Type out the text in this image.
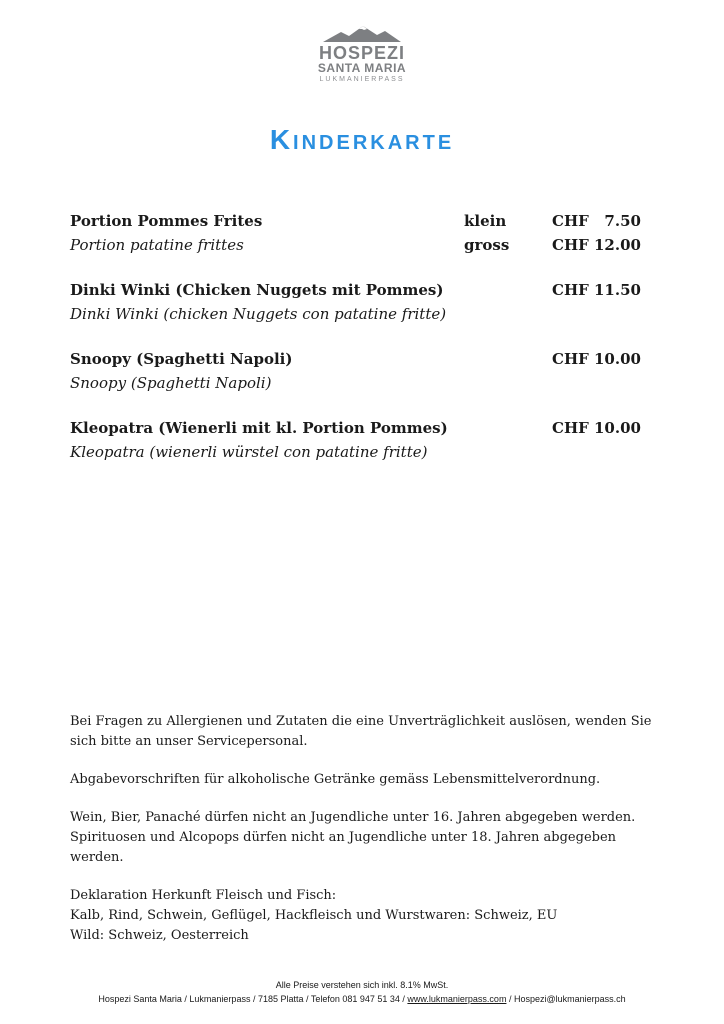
HOSPEZI
SANTA MARIA
LUKMANIERPASS
Kinderkarte
Portion Pommes Frites	klein	CHF   7.50
Portion patatine frittes	gross	CHF 12.00
Dinki Winki (Chicken Nuggets mit Pommes)	CHF 11.50
Dinki Winki (chicken Nuggets con patatine fritte)
Snoopy (Spaghetti Napoli)	CHF 10.00
Snoopy (Spaghetti Napoli)
Kleopatra (Wienerli mit kl. Portion Pommes)	CHF 10.00
Kleopatra (wienerli würstel con patatine fritte)

Bei Fragen zu Allergienen und Zutaten die eine Unverträglichkeit auslösen, wenden Sie sich bitte an unser Servicepersonal.

Abgabevorschriften für alkoholische Getränke gemäss Lebensmittelverordnung.

Wein, Bier, Panaché dürfen nicht an Jugendliche unter 16. Jahren abgegeben werden.
Spirituosen und Alcopops dürfen nicht an Jugendliche unter 18. Jahren abgegeben werden.

Deklaration Herkunft Fleisch und Fisch:
Kalb, Rind, Schwein, Geflügel, Hackfleisch und Wurstwaren: Schweiz, EU
Wild: Schweiz, Oesterreich

Alle Preise verstehen sich inkl. 8.1% MwSt.
Hospezi Santa Maria / Lukmanierpass / 7185 Platta / Telefon 081 947 51 34 / www.lukmanierpass.com / Hospezi@lukmanierpass.ch
